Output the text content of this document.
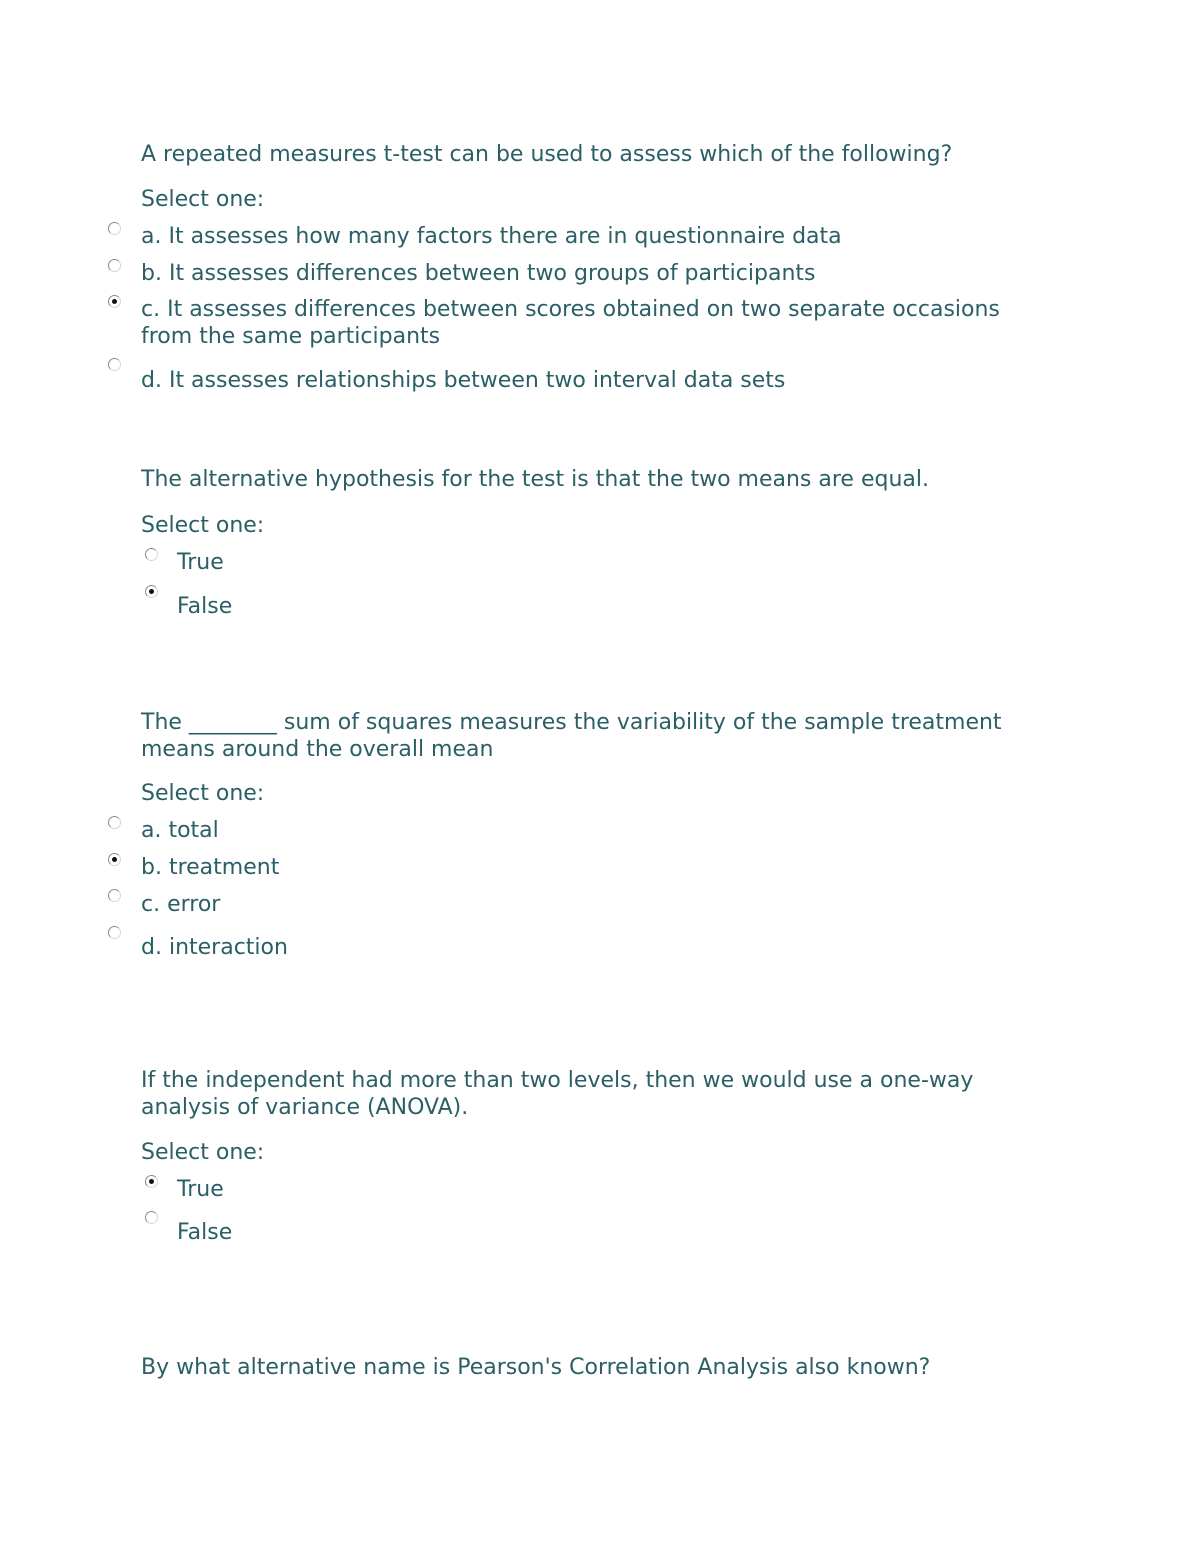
A repeated measures t-test can be used to assess which of the following?
Select one:
a. It assesses how many factors there are in questionnaire data
b. It assesses differences between two groups of participants
c. It assesses differences between scores obtained on two separate occasions from the same participants
d. It assesses relationships between two interval data sets
The alternative hypothesis for the test is that the two means are equal.
Select one:
True
False
The ________ sum of squares measures the variability of the sample treatment means around the overall mean
Select one:
a. total
b. treatment
c. error
d. interaction
If the independent had more than two levels, then we would use a one-way analysis of variance (ANOVA).
Select one:
True
False
By what alternative name is Pearson's Correlation Analysis also known?
